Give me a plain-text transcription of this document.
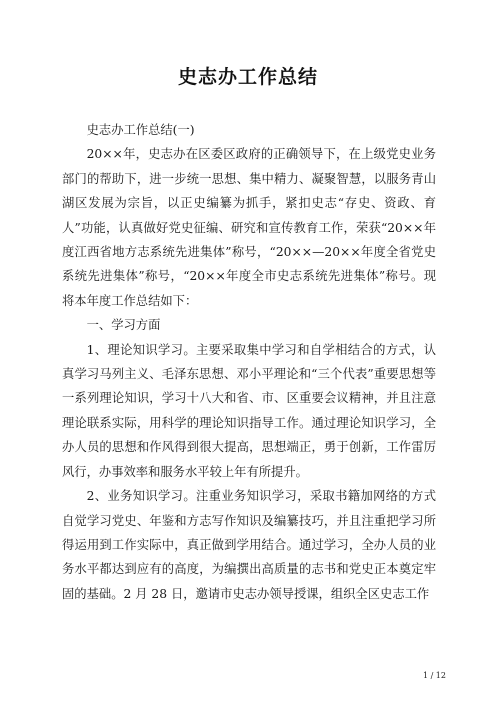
史志办工作总结

史志办工作总结(一)

20××年，史志办在区委区政府的正确领导下，在上级党史业务部门的帮助下，进一步统一思想、集中精力、凝聚智慧，以服务青山湖区发展为宗旨，以正史编纂为抓手，紧扣史志“存史、资政、育人”功能，认真做好党史征编、研究和宣传教育工作，荣获“20××年度江西省地方志系统先进集体”称号，“20××—20××年度全省党史系统先进集体”称号，“20××年度全市史志系统先进集体”称号。现将本年度工作总结如下：

一、学习方面

1、理论知识学习。主要采取集中学习和自学相结合的方式，认真学习马列主义、毛泽东思想、邓小平理论和“三个代表”重要思想等一系列理论知识，学习十八大和省、市、区重要会议精神，并且注意理论联系实际，用科学的理论知识指导工作。通过理论知识学习，全办人员的思想和作风得到很大提高，思想端正，勇于创新，工作雷厉风行，办事效率和服务水平较上年有所提升。

2、业务知识学习。注重业务知识学习，采取书籍加网络的方式自觉学习党史、年鉴和方志写作知识及编纂技巧，并且注重把学习所得运用到工作实际中，真正做到学用结合。通过学习，全办人员的业务水平都达到应有的高度，为编撰出高质量的志书和党史正本奠定牢固的基础。2 月 28 日，邀请市史志办领导授课，组织全区史志工作

1 / 12
